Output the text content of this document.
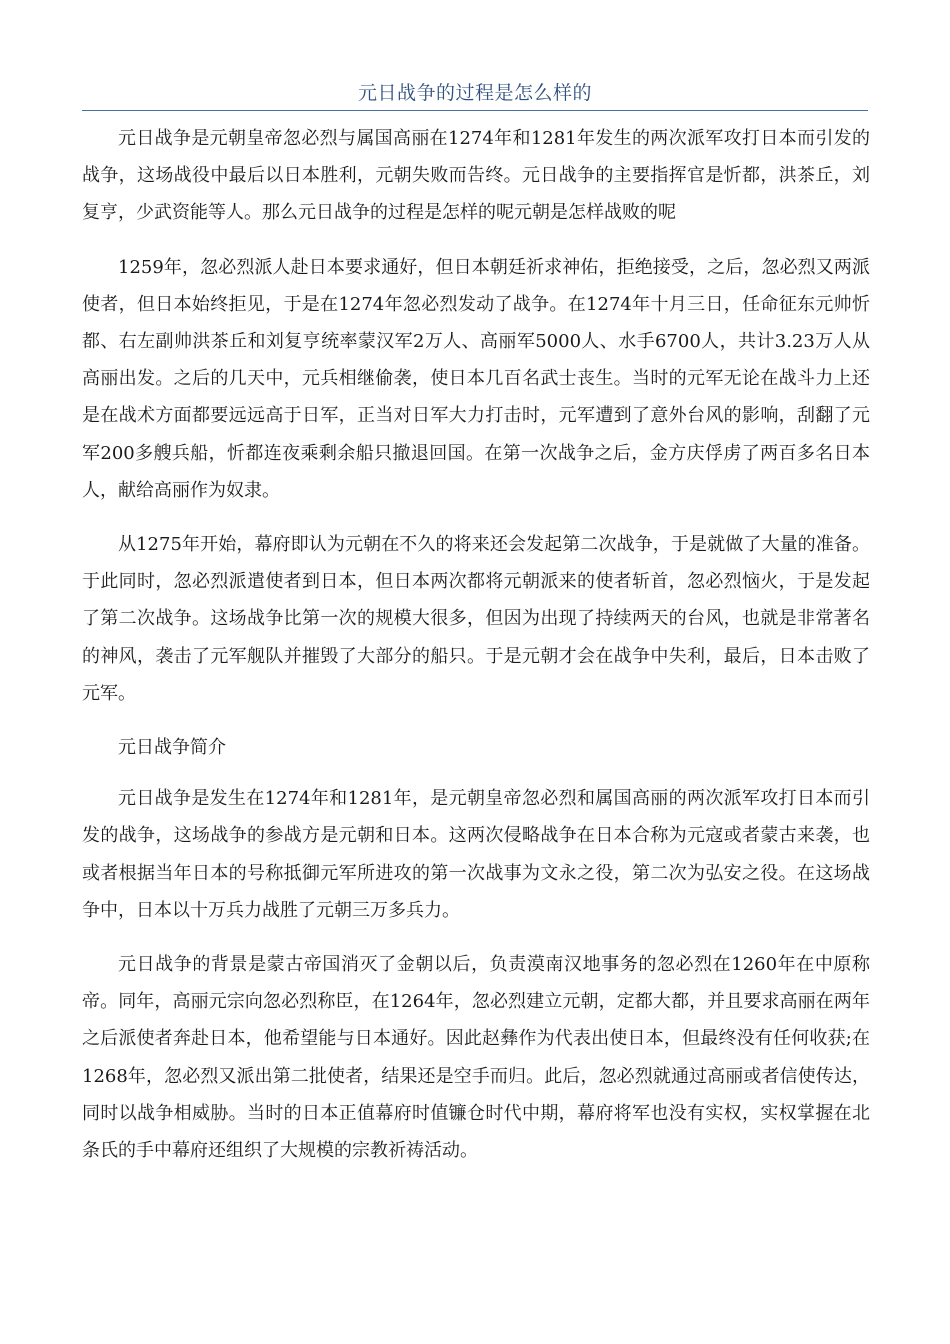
元日战争的过程是怎么样的

元日战争是元朝皇帝忽必烈与属国高丽在1274年和1281年发生的两次派军攻打日本而引发的战争，这场战役中最后以日本胜利，元朝失败而告终。元日战争的主要指挥官是忻都，洪茶丘，刘复亨，少武资能等人。那么元日战争的过程是怎样的呢元朝是怎样战败的呢

1259年，忽必烈派人赴日本要求通好，但日本朝廷祈求神佑，拒绝接受，之后，忽必烈又两派使者，但日本始终拒见，于是在1274年忽必烈发动了战争。在1274年十月三日，任命征东元帅忻都、右左副帅洪茶丘和刘复亨统率蒙汉军2万人、高丽军5000人、水手6700人，共计3.23万人从高丽出发。之后的几天中，元兵相继偷袭，使日本几百名武士丧生。当时的元军无论在战斗力上还是在战术方面都要远远高于日军，正当对日军大力打击时，元军遭到了意外台风的影响，刮翻了元军200多艘兵船，忻都连夜乘剩余船只撤退回国。在第一次战争之后，金方庆俘虏了两百多名日本人，献给高丽作为奴隶。

从1275年开始，幕府即认为元朝在不久的将来还会发起第二次战争，于是就做了大量的准备。于此同时，忽必烈派遣使者到日本，但日本两次都将元朝派来的使者斩首，忽必烈恼火，于是发起了第二次战争。这场战争比第一次的规模大很多，但因为出现了持续两天的台风，也就是非常著名的神风，袭击了元军舰队并摧毁了大部分的船只。于是元朝才会在战争中失利，最后，日本击败了元军。

元日战争简介

元日战争是发生在1274年和1281年，是元朝皇帝忽必烈和属国高丽的两次派军攻打日本而引发的战争，这场战争的参战方是元朝和日本。这两次侵略战争在日本合称为元寇或者蒙古来袭，也或者根据当年日本的号称抵御元军所进攻的第一次战事为文永之役，第二次为弘安之役。在这场战争中，日本以十万兵力战胜了元朝三万多兵力。

元日战争的背景是蒙古帝国消灭了金朝以后，负责漠南汉地事务的忽必烈在1260年在中原称帝。同年，高丽元宗向忽必烈称臣，在1264年，忽必烈建立元朝，定都大都，并且要求高丽在两年之后派使者奔赴日本，他希望能与日本通好。因此赵彝作为代表出使日本，但最终没有任何收获;在1268年，忽必烈又派出第二批使者，结果还是空手而归。此后，忽必烈就通过高丽或者信使传达，同时以战争相威胁。当时的日本正值幕府时值镰仓时代中期，幕府将军也没有实权，实权掌握在北条氏的手中幕府还组织了大规模的宗教祈祷活动。
